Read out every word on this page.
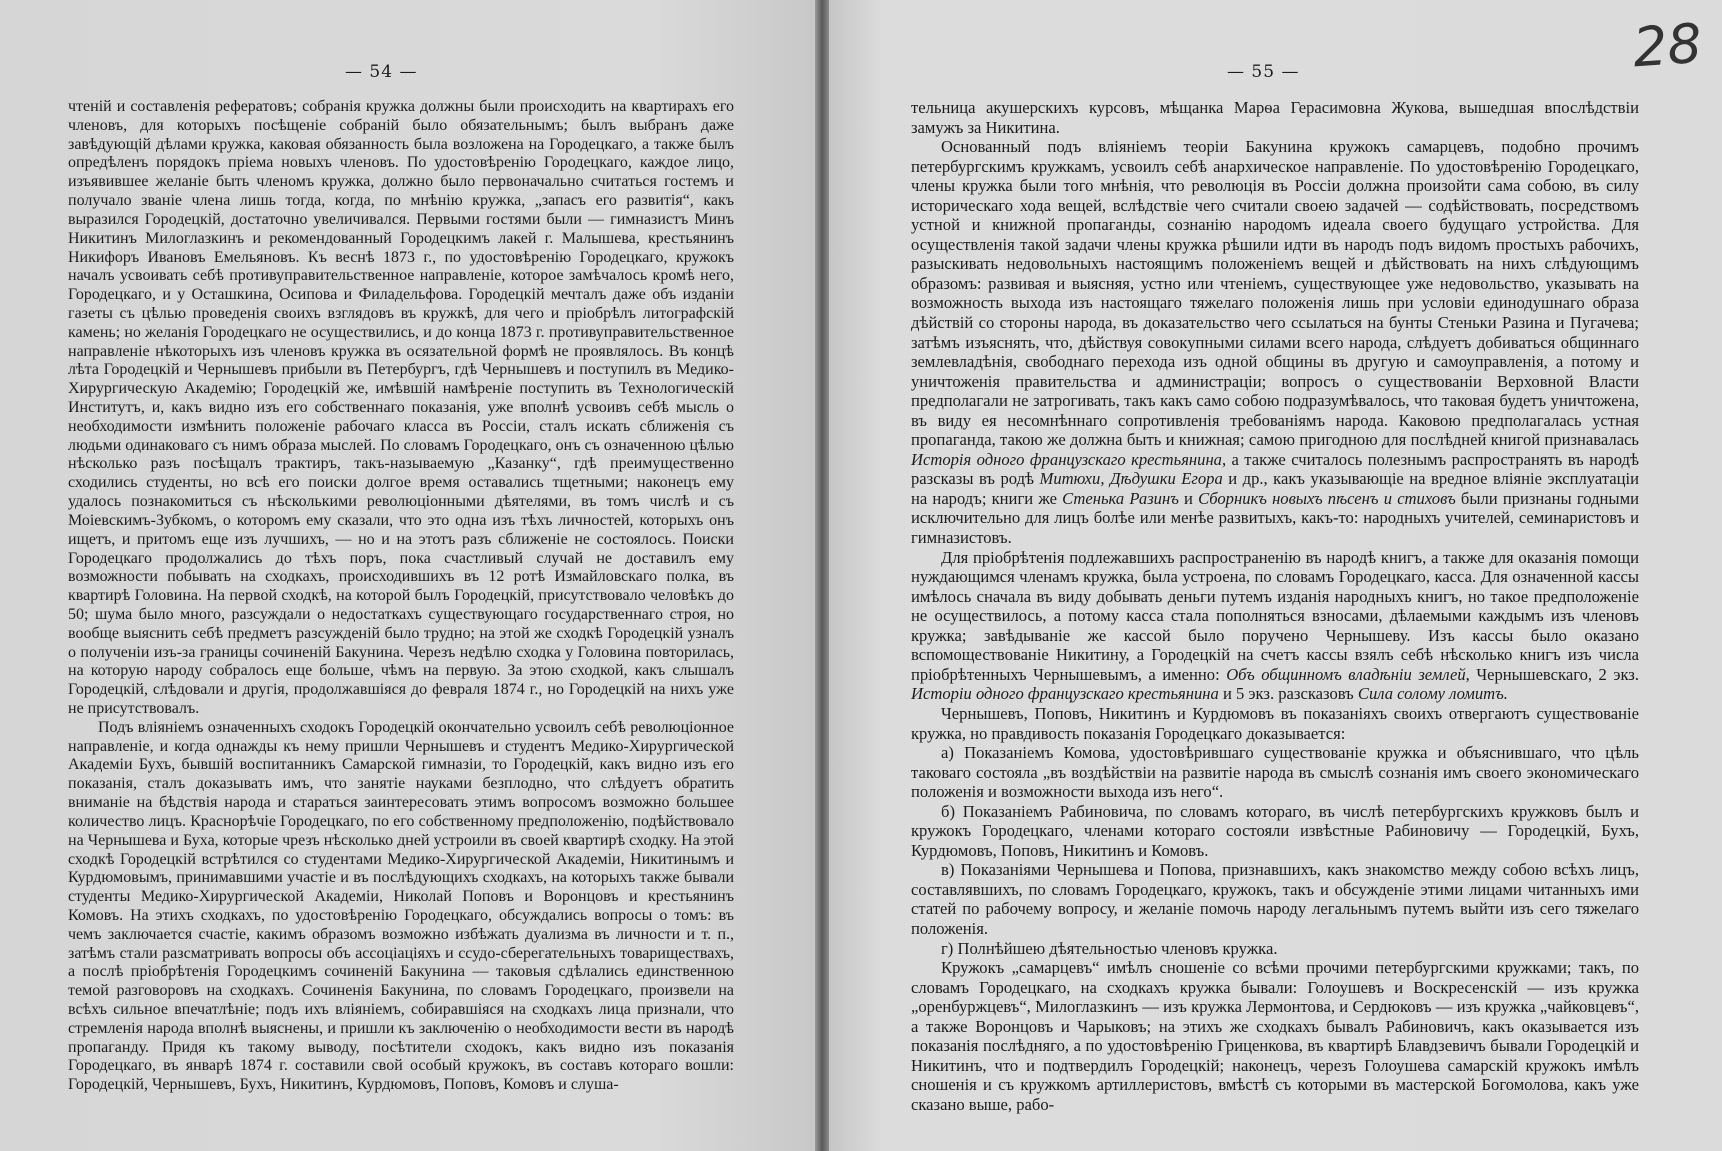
— 54 —

чтеній и составленія рефератовъ; собранія кружка должны были происходить на квартирахъ его членовъ, для которыхъ посѣщеніе собраній было обязательнымъ; былъ выбранъ даже завѣдующій дѣлами кружка, каковая обязанность была возложена на Городецкаго, а также былъ опредѣленъ порядокъ пріема новыхъ членовъ. По удостовѣренію Городецкаго, каждое лицо, изъявившее желаніе быть членомъ кружка, должно было первоначально считаться гостемъ и получало званіе члена лишь тогда, когда, по мнѣнію кружка, „запасъ его развитія“, какъ выразился Городецкій, достаточно увеличивался. Первыми гостями были — гимназистъ Минъ Никитинъ Милоглазкинъ и рекомендованный Городецкимъ лакей г. Малышева, крестьянинъ Никифоръ Ивановъ Емельяновъ. Къ веснѣ 1873 г., по удостовѣренію Городецкаго, кружокъ началъ усвоивать себѣ противуправительственное направленіе, которое замѣчалось кромѣ него, Городецкаго, и у Осташкина, Осипова и Филадельфова. Городецкій мечталъ даже объ изданіи газеты съ цѣлью проведенія своихъ взглядовъ въ кружкѣ, для чего и пріобрѣлъ литографскій камень; но желанія Городецкаго не осуществились, и до конца 1873 г. противуправительственное направленіе нѣкоторыхъ изъ членовъ кружка въ осязательной формѣ не проявлялось. Въ концѣ лѣта Городецкій и Чернышевъ прибыли въ Петербургъ, гдѣ Чернышевъ и поступилъ въ Медико-Хирургическую Академію; Городецкій же, имѣвшій намѣреніе поступить въ Технологическій Институтъ, и, какъ видно изъ его собственнаго показанія, уже вполнѣ усвоивъ себѣ мысль о необходимости измѣнить положеніе рабочаго класса въ Россіи, сталъ искать сближенія съ людьми одинаковаго съ нимъ образа мыслей. По словамъ Городецкаго, онъ съ означенною цѣлью нѣсколько разъ посѣщалъ трактиръ, такъ-называемую „Казанку“, гдѣ преимущественно сходились студенты, но всѣ его поиски долгое время оставались тщетными; наконецъ ему удалось познакомиться съ нѣсколькими революціонными дѣятелями, въ томъ числѣ и съ Моіевскимъ-Зубкомъ, о которомъ ему сказали, что это одна изъ тѣхъ личностей, которыхъ онъ ищетъ, и притомъ еще изъ лучшихъ, — но и на этотъ разъ сближеніе не состоялось. Поиски Городецкаго продолжались до тѣхъ поръ, пока счастливый случай не доставилъ ему возможности побывать на сходкахъ, происходившихъ въ 12 ротѣ Измайловскаго полка, въ квартирѣ Головина. На первой сходкѣ, на которой былъ Городецкій, присутствовало человѣкъ до 50; шума было много, разсуждали о недостаткахъ существующаго государственнаго строя, но вообще выяснить себѣ предметъ разсужденій было трудно; на этой же сходкѣ Городецкій узналъ о полученіи изъ-за границы сочиненій Бакунина. Черезъ недѣлю сходка у Головина повторилась, на которую народу собралось еще больше, чѣмъ на первую. За этою сходкой, какъ слышалъ Городецкій, слѣдовали и другія, продолжавшіяся до февраля 1874 г., но Городецкій на нихъ уже не присутствовалъ.

Подъ вліяніемъ означенныхъ сходокъ Городецкій окончательно усвоилъ себѣ революціонное направленіе, и когда однажды къ нему пришли Чернышевъ и студентъ Медико-Хирургической Академіи Бухъ, бывшій воспитанникъ Самарской гимназіи, то Городецкій, какъ видно изъ его показанія, сталъ доказывать имъ, что занятіе науками безплодно, что слѣдуетъ обратить вниманіе на бѣдствія народа и стараться заинтересовать этимъ вопросомъ возможно большее количество лицъ. Краснорѣчіе Городецкаго, по его собственному предположенію, подѣйствовало на Чернышева и Буха, которые чрезъ нѣсколько дней устроили въ своей квартирѣ сходку. На этой сходкѣ Городецкій встрѣтился со студентами Медико-Хирургической Академіи, Никитинымъ и Курдюмовымъ, принимавшими участіе и въ послѣдующихъ сходкахъ, на которыхъ также бывали студенты Медико-Хирургической Академіи, Николай Поповъ и Воронцовъ и крестьянинъ Комовъ. На этихъ сходкахъ, по удостовѣренію Городецкаго, обсуждались вопросы о томъ: въ чемъ заключается счастіе, какимъ образомъ возможно избѣжать дуализма въ личности и т. п., затѣмъ стали разсматривать вопросы объ ассоціаціяхъ и ссудо-сберегательныхъ товариществахъ, а послѣ пріобрѣтенія Городецкимъ сочиненій Бакунина — таковыя сдѣлались единственною темой разговоровъ на сходкахъ. Сочиненія Бакунина, по словамъ Городецкаго, произвели на всѣхъ сильное впечатлѣніе; подъ ихъ вліяніемъ, собиравшіяся на сходкахъ лица признали, что стремленія народа вполнѣ выяснены, и пришли къ заключенію о необходимости вести въ народѣ пропаганду. Придя къ такому выводу, посѣтители сходокъ, какъ видно изъ показанія Городецкаго, въ январѣ 1874 г. составили свой особый кружокъ, въ составъ котораго вошли: Городецкій, Чернышевъ, Бухъ, Никитинъ, Курдюмовъ, Поповъ, Комовъ и слуша-

28
— 55 —

тельница акушерскихъ курсовъ, мѣщанка Марѳа Герасимовна Жукова, вышедшая впослѣдствіи замужъ за Никитина.

Основанный подъ вліяніемъ теоріи Бакунина кружокъ самарцевъ, подобно прочимъ петербургскимъ кружкамъ, усвоилъ себѣ анархическое направленіе. По удостовѣренію Городецкаго, члены кружка были того мнѣнія, что революція въ Россіи должна произойти сама собою, въ силу историческаго хода вещей, вслѣдствіе чего считали своею задачей — содѣйствовать, посредствомъ устной и книжной пропаганды, сознанію народомъ идеала своего будущаго устройства. Для осуществленія такой задачи члены кружка рѣшили идти въ народъ подъ видомъ простыхъ рабочихъ, разыскивать недовольныхъ настоящимъ положеніемъ вещей и дѣйствовать на нихъ слѣдующимъ образомъ: развивая и выясняя, устно или чтеніемъ, существующее уже недовольство, указывать на возможность выхода изъ настоящаго тяжелаго положенія лишь при условіи единодушнаго образа дѣйствій со стороны народа, въ доказательство чего ссылаться на бунты Стеньки Разина и Пугачева; затѣмъ изъяснять, что, дѣйствуя совокупными силами всего народа, слѣдуетъ добиваться общиннаго землевладѣнія, свободнаго перехода изъ одной общины въ другую и самоуправленія, а потому и уничтоженія правительства и администраціи; вопросъ о существованіи Верховной Власти предполагали не затрогивать, такъ какъ само собою подразумѣвалось, что таковая будетъ уничтожена, въ виду ея несомнѣннаго сопротивленія требованіямъ народа. Каковою предполагалась устная пропаганда, такою же должна быть и книжная; самою пригодною для послѣдней книгой признавалась Исторія одного французскаго крестьянина, а также считалось полезнымъ распространять въ народѣ разсказы въ родѣ Митюхи, Дѣдушки Егора и др., какъ указывающіе на вредное вліяніе эксплуатаціи на народъ; книги же Стенька Разинъ и Сборникъ новыхъ пѣсенъ и стиховъ были признаны годными исключительно для лицъ болѣе или менѣе развитыхъ, какъ-то: народныхъ учителей, семинаристовъ и гимназистовъ.

Для пріобрѣтенія подлежавшихъ распространенію въ народѣ книгъ, а также для оказанія помощи нуждающимся членамъ кружка, была устроена, по словамъ Городецкаго, касса. Для означенной кассы имѣлось сначала въ виду добывать деньги путемъ изданія народныхъ книгъ, но такое предположеніе не осуществилось, а потому касса стала пополняться взносами, дѣлаемыми каждымъ изъ членовъ кружка; завѣдываніе же кассой было поручено Чернышеву. Изъ кассы было оказано вспомоществованіе Никитину, а Городецкій на счетъ кассы взялъ себѣ нѣсколько книгъ изъ числа пріобрѣтенныхъ Чернышевымъ, а именно: Объ общинномъ владѣніи землей, Чернышевскаго, 2 экз. Исторіи одного французскаго крестьянина и 5 экз. разсказовъ Сила солому ломитъ.

Чернышевъ, Поповъ, Никитинъ и Курдюмовъ въ показаніяхъ своихъ отвергаютъ существованіе кружка, но правдивость показанія Городецкаго доказывается:

а) Показаніемъ Комова, удостовѣрившаго существованіе кружка и объяснившаго, что цѣль таковаго состояла „въ воздѣйствіи на развитіе народа въ смыслѣ сознанія имъ своего экономическаго положенія и возможности выхода изъ него“.

б) Показаніемъ Рабиновича, по словамъ котораго, въ числѣ петербургскихъ кружковъ былъ и кружокъ Городецкаго, членами котораго состояли извѣстные Рабиновичу — Городецкій, Бухъ, Курдюмовъ, Поповъ, Никитинъ и Комовъ.

в) Показаніями Чернышева и Попова, признавшихъ, какъ знакомство между собою всѣхъ лицъ, составлявшихъ, по словамъ Городецкаго, кружокъ, такъ и обсужденіе этими лицами читанныхъ ими статей по рабочему вопросу, и желаніе помочь народу легальнымъ путемъ выйти изъ сего тяжелаго положенія.

г) Полнѣйшею дѣятельностью членовъ кружка.

Кружокъ „самарцевъ“ имѣлъ сношеніе со всѣми прочими петербургскими кружками; такъ, по словамъ Городецкаго, на сходкахъ кружка бывали: Голоушевъ и Воскресенскій — изъ кружка „оренбуржцевъ“, Милоглазкинъ — изъ кружка Лермонтова, и Сердюковъ — изъ кружка „чайковцевъ“, а также Воронцовъ и Чарыковъ; на этихъ же сходкахъ бывалъ Рабиновичъ, какъ оказывается изъ показанія послѣдняго, а по удостовѣренію Гриценкова, въ квартирѣ Блавдзевичъ бывали Городецкій и Никитинъ, что и подтвердилъ Городецкій; наконецъ, черезъ Голоушева самарскій кружокъ имѣлъ сношенія и съ кружкомъ артиллеристовъ, вмѣстѣ съ которыми въ мастерской Богомолова, какъ уже сказано выше, рабо-
